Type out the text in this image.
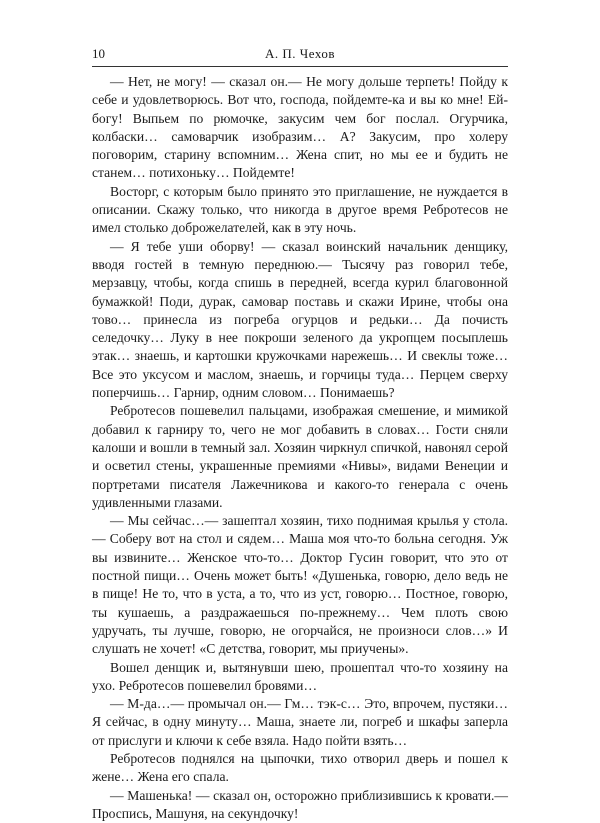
10	А. П. Чехов

— Нет, не могу! — сказал он.— Не могу дольше терпеть! Пойду к себе и удовлетворюсь. Вот что, господа, пойдемте-ка и вы ко мне! Ей-богу! Выпьем по рюмочке, закусим чем бог послал. Огурчика, колбаски… самоварчик изобразим… А? Закусим, про холеру поговорим, старину вспомним… Жена спит, но мы ее и будить не станем… потихоньку… Пойдемте!

Восторг, с которым было принято это приглашение, не нуждается в описании. Скажу только, что никогда в другое время Ребротесов не имел столько доброжелателей, как в эту ночь.

— Я тебе уши оборву! — сказал воинский начальник денщику, вводя гостей в темную переднюю.— Тысячу раз говорил тебе, мерзавцу, чтобы, когда спишь в передней, всегда курил благовонной бумажкой! Поди, дурак, самовар поставь и скажи Ирине, чтобы она тово… принесла из погреба огурцов и редьки… Да почисть селедочку… Луку в нее покроши зеленого да укропцем посыплешь этак… знаешь, и картошки кружочками нарежешь… И свеклы тоже… Все это уксусом и маслом, знаешь, и горчицы туда… Перцем сверху поперчишь… Гарнир, одним словом… Понимаешь?

Ребротесов пошевелил пальцами, изображая смешение, и мимикой добавил к гарниру то, чего не мог добавить в словах… Гости сняли калоши и вошли в темный зал. Хозяин чиркнул спичкой, навонял серой и осветил стены, украшенные премиями «Нивы», видами Венеции и портретами писателя Лажечникова и какого-то генерала с очень удивленными глазами.

— Мы сейчас…— зашептал хозяин, тихо поднимая крылья у стола.— Соберу вот на стол и сядем… Маша моя что-то больна сегодня. Уж вы извините… Женское что-то… Доктор Гусин говорит, что это от постной пищи… Очень может быть! «Душенька, говорю, дело ведь не в пище! Не то, что в уста, а то, что из уст, говорю… Постное, говорю, ты кушаешь, а раздражаешься по-прежнему… Чем плоть свою удручать, ты лучше, говорю, не огорчайся, не произноси слов…» И слушать не хочет! «С детства, говорит, мы приучены».

Вошел денщик и, вытянувши шею, прошептал что-то хозяину на ухо. Ребротесов пошевелил бровями…

— М-да…— промычал он.— Гм… тэк-с… Это, впрочем, пустяки… Я сейчас, в одну минуту… Маша, знаете ли, погреб и шкафы заперла от прислуги и ключи к себе взяла. Надо пойти взять…

Ребротесов поднялся на цыпочки, тихо отворил дверь и пошел к жене… Жена его спала.

— Машенька! — сказал он, осторожно приблизившись к кровати.— Проспись, Машуня, на секундочку!
